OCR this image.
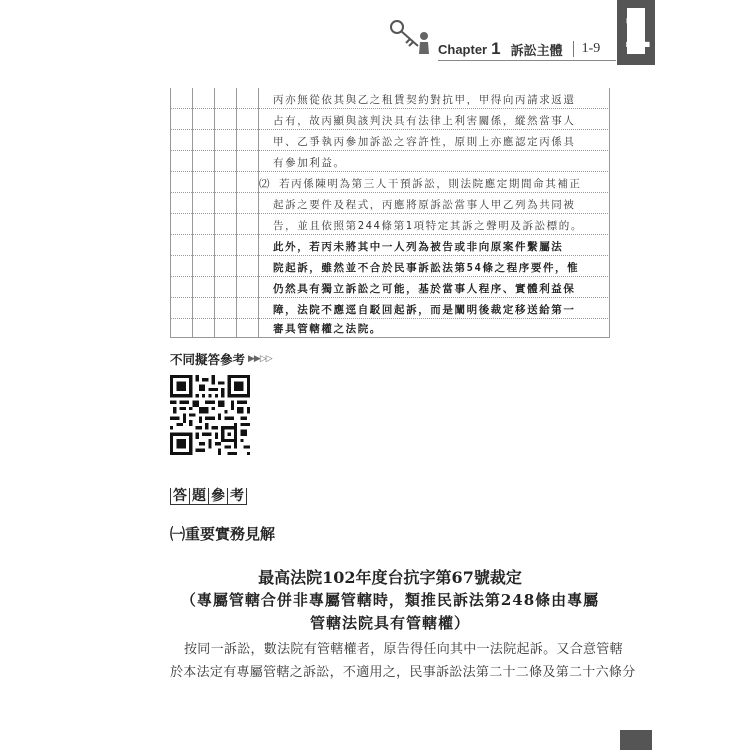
Chapter 1 訴訟主體	1-9 1
丙亦無從依其與乙之租賃契約對抗甲，甲得向丙請求返還
占有，故丙顯與該判決具有法律上利害關係，縱然當事人
甲、乙爭執丙參加訴訟之容許性，原則上亦應認定丙係具
有參加利益。
⑵ 若丙係陳明為第三人干預訴訟，則法院應定期間命其補正
起訴之要件及程式，丙應將原訴訟當事人甲乙列為共同被
告，並且依照第244條第1項特定其訴之聲明及訴訟標的。
此外，若丙未將其中一人列為被告或非向原案件繫屬法
院起訴，雖然並不合於民事訴訟法第54條之程序要件，惟
仍然具有獨立訴訟之可能，基於當事人程序、實體利益保
障，法院不應逕自駁回起訴，而是闡明後裁定移送給第一
審具管轄權之法院。
不同擬答參考 ▶▶▷▷
答 題 參 考
㈠重要實務見解
最高法院102年度台抗字第67號裁定
（專屬管轄合併非專屬管轄時，類推民訴法第248條由專屬
管轄法院具有管轄權）
按同一訴訟，數法院有管轄權者，原告得任向其中一法院起訴。又合意管轄
於本法定有專屬管轄之訴訟，不適用之，民事訴訟法第二十二條及第二十六條分
